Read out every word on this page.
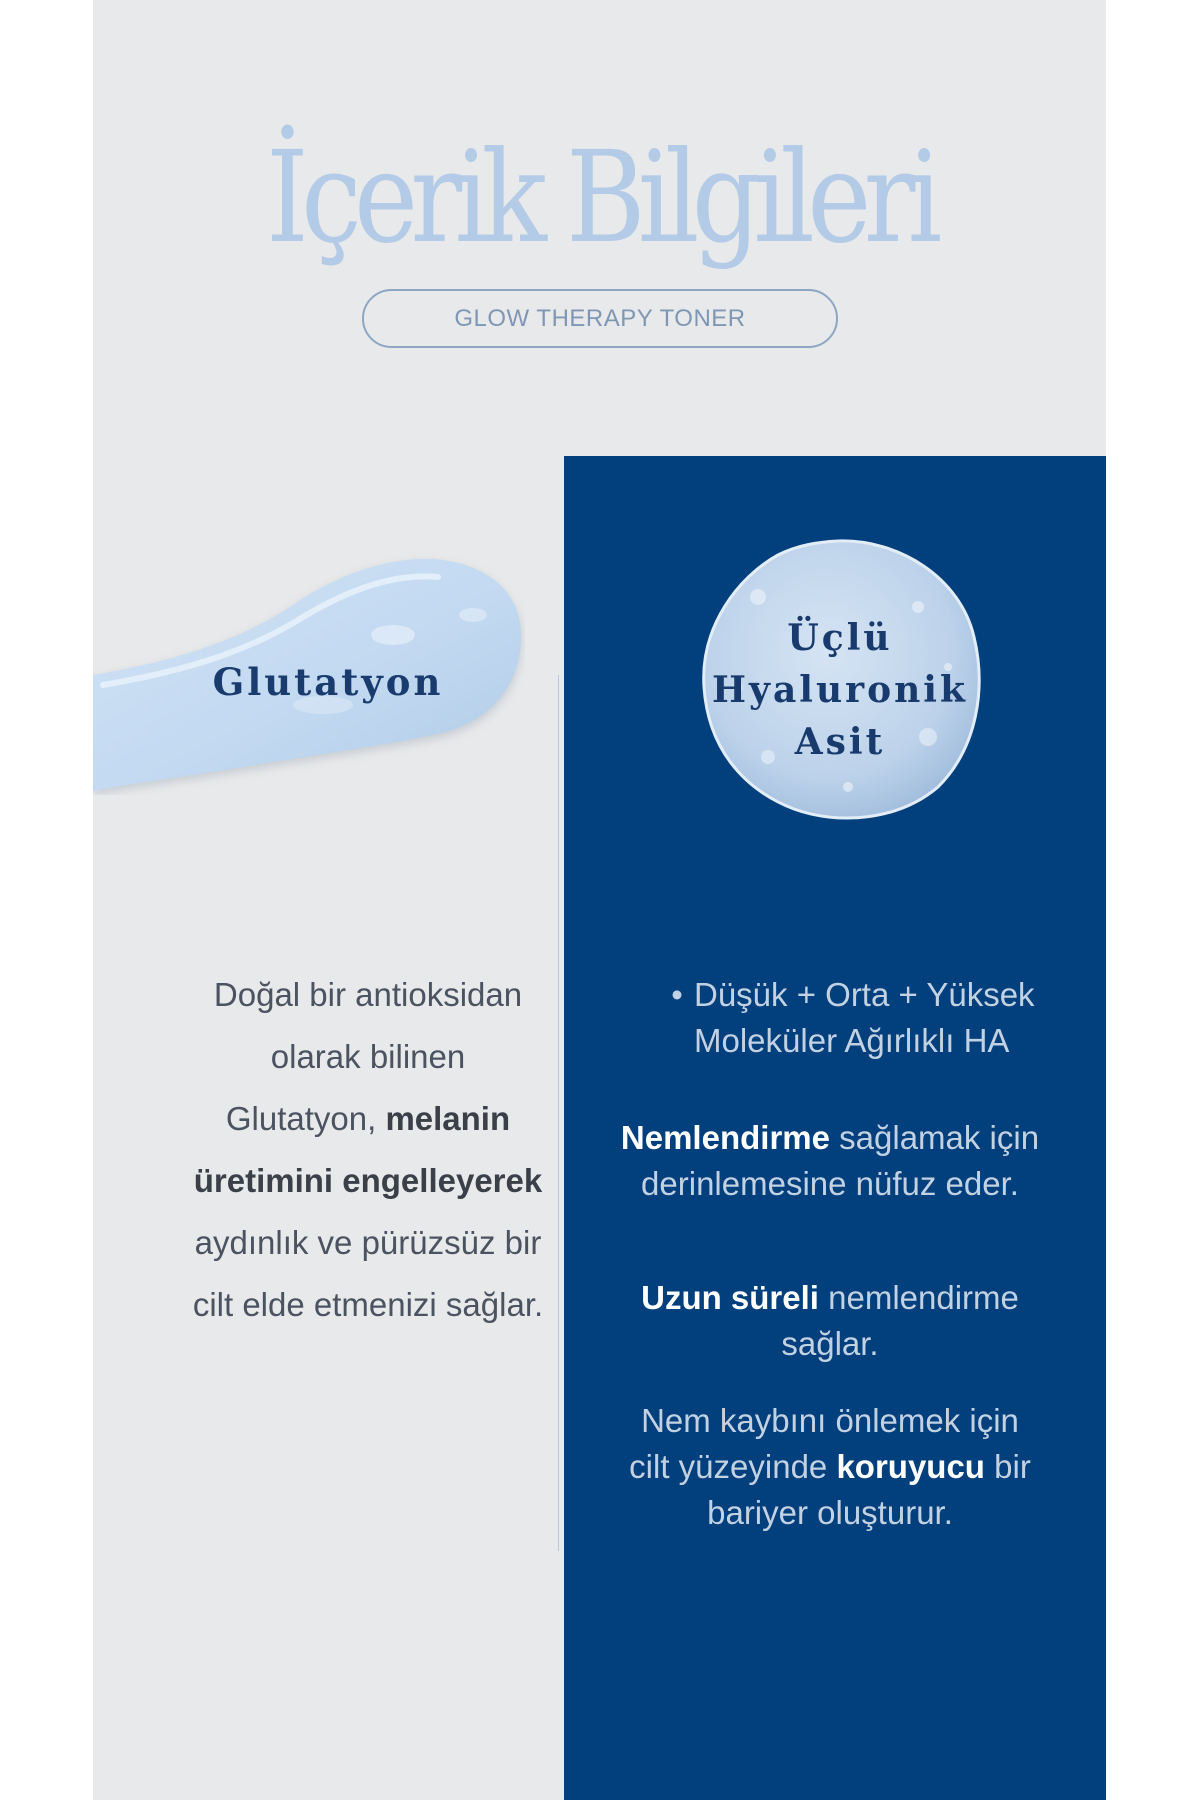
İçerik Bilgileri
GLOW THERAPY TONER
Glutatyon
Üçlü
Hyaluronik
Asit
Doğal bir antioksidan
olarak bilinen
Glutatyon, melanin
üretimini engelleyerek
aydınlık ve pürüzsüz bir
cilt elde etmenizi sağlar.
• Düşük + Orta + Yüksek
Moleküler Ağırlıklı HA
Nemlendirme sağlamak için
derinlemesine nüfuz eder.
Uzun süreli nemlendirme
sağlar.
Nem kaybını önlemek için
cilt yüzeyinde koruyucu bir
bariyer oluşturur.
